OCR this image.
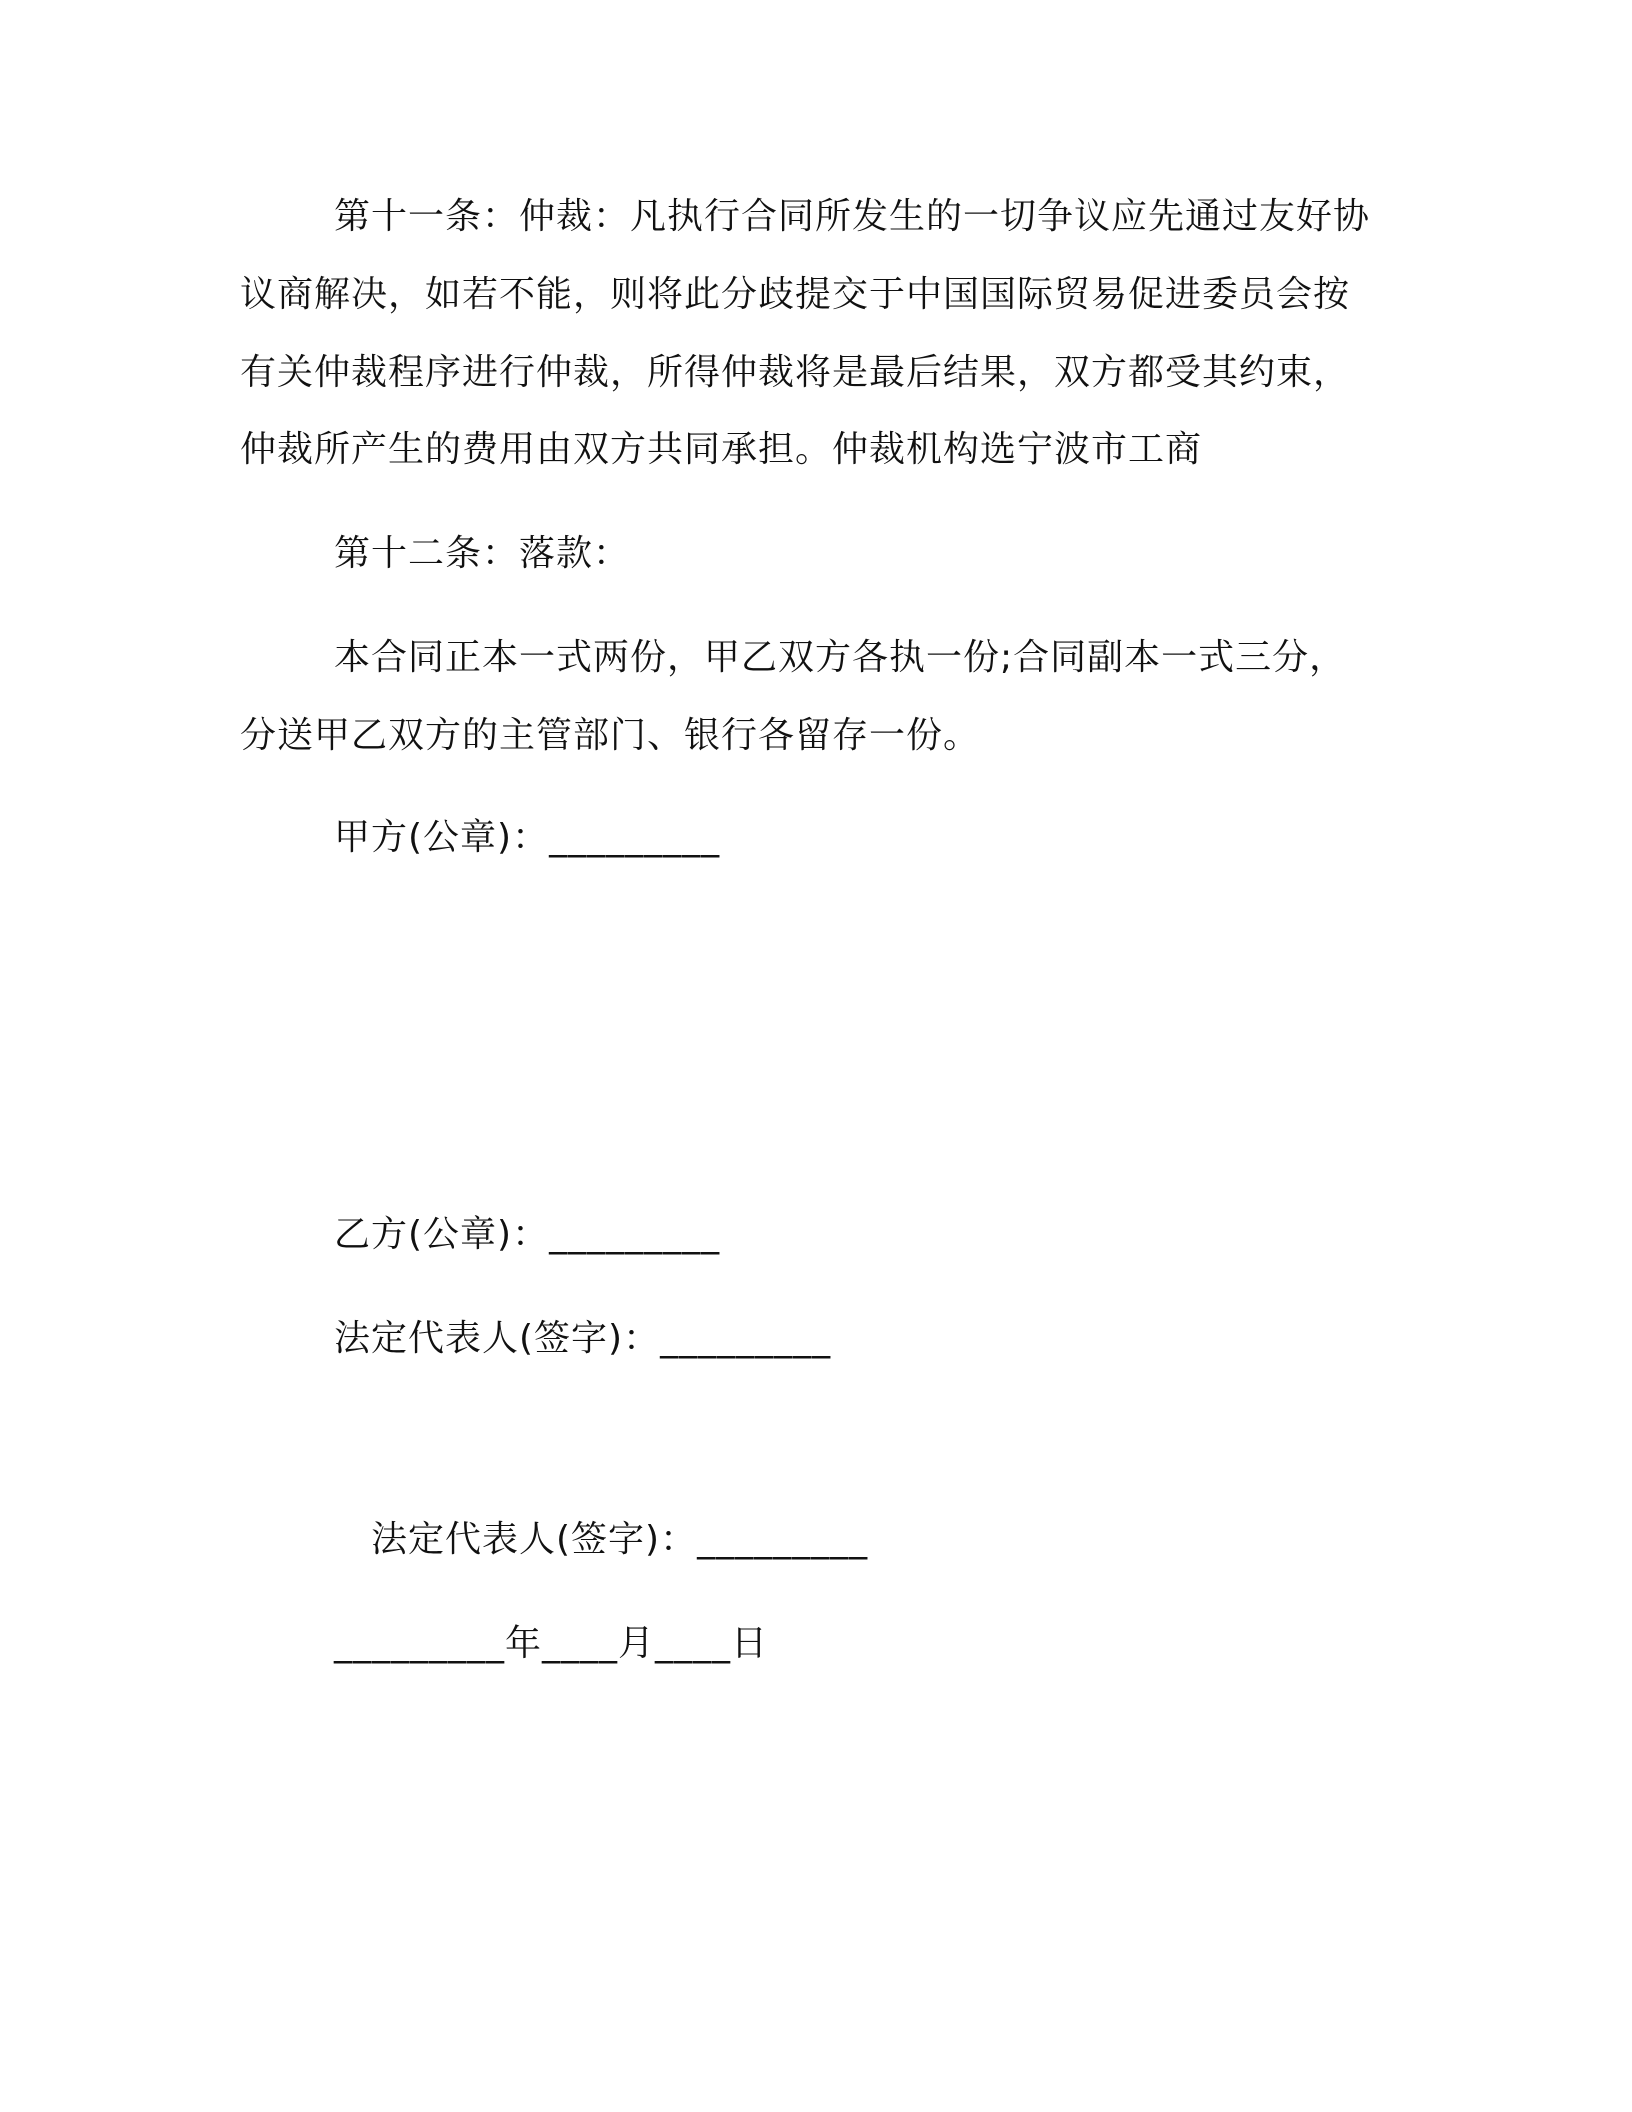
第十一条：仲裁：凡执行合同所发生的一切争议应先通过友好协
议商解决，如若不能，则将此分歧提交于中国国际贸易促进委员会按
有关仲裁程序进行仲裁，所得仲裁将是最后结果，双方都受其约束，
仲裁所产生的费用由双方共同承担。仲裁机构选宁波市工商
第十二条：落款：
本合同正本一式两份，甲乙双方各执一份;合同副本一式三分，
分送甲乙双方的主管部门、银行各留存一份。
甲方(公章)：_________
乙方(公章)：_________
法定代表人(签字)：_________
法定代表人(签字)：_________
_________年____月____日
